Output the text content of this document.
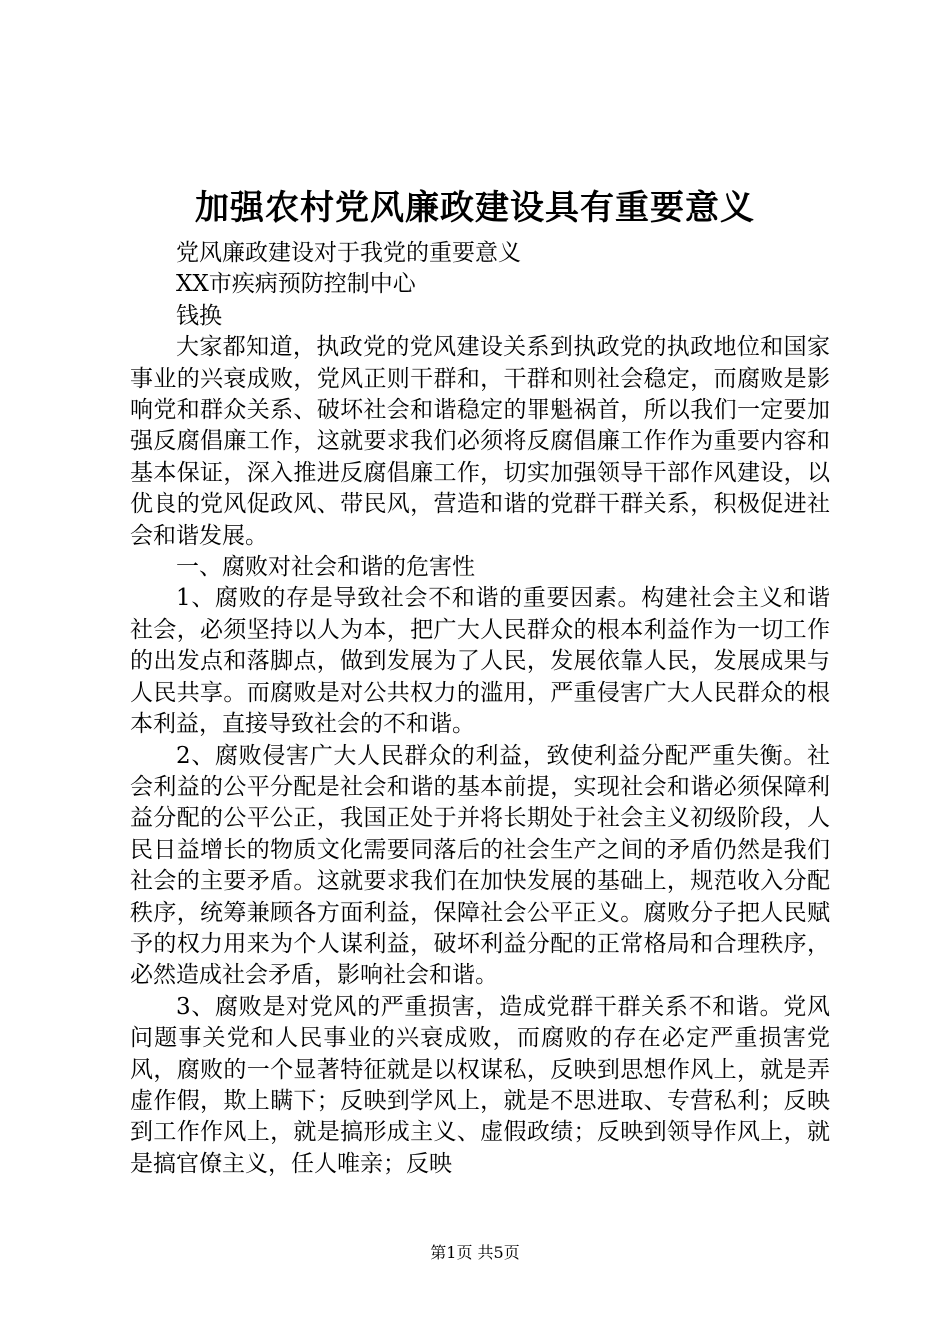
加强农村党风廉政建设具有重要意义

党风廉政建设对于我党的重要意义

XX市疾病预防控制中心

钱换

大家都知道，执政党的党风建设关系到执政党的执政地位和国家事业的兴衰成败，党风正则干群和，干群和则社会稳定，而腐败是影响党和群众关系、破坏社会和谐稳定的罪魁祸首，所以我们一定要加强反腐倡廉工作，这就要求我们必须将反腐倡廉工作作为重要内容和基本保证，深入推进反腐倡廉工作，切实加强领导干部作风建设，以优良的党风促政风、带民风，营造和谐的党群干群关系，积极促进社会和谐发展。

一、腐败对社会和谐的危害性

1、腐败的存是导致社会不和谐的重要因素。构建社会主义和谐社会，必须坚持以人为本，把广大人民群众的根本利益作为一切工作的出发点和落脚点，做到发展为了人民，发展依靠人民，发展成果与人民共享。而腐败是对公共权力的滥用，严重侵害广大人民群众的根本利益，直接导致社会的不和谐。

2、腐败侵害广大人民群众的利益，致使利益分配严重失衡。社会利益的公平分配是社会和谐的基本前提，实现社会和谐必须保障利益分配的公平公正，我国正处于并将长期处于社会主义初级阶段，人民日益增长的物质文化需要同落后的社会生产之间的矛盾仍然是我们社会的主要矛盾。这就要求我们在加快发展的基础上，规范收入分配秩序，统筹兼顾各方面利益，保障社会公平正义。腐败分子把人民赋予的权力用来为个人谋利益，破坏利益分配的正常格局和合理秩序，必然造成社会矛盾，影响社会和谐。

3、腐败是对党风的严重损害，造成党群干群关系不和谐。党风问题事关党和人民事业的兴衰成败，而腐败的存在必定严重损害党风，腐败的一个显著特征就是以权谋私，反映到思想作风上，就是弄虚作假，欺上瞒下；反映到学风上，就是不思进取、专营私利；反映到工作作风上，就是搞形成主义、虚假政绩；反映到领导作风上，就是搞官僚主义，任人唯亲；反映

第1页 共5页
